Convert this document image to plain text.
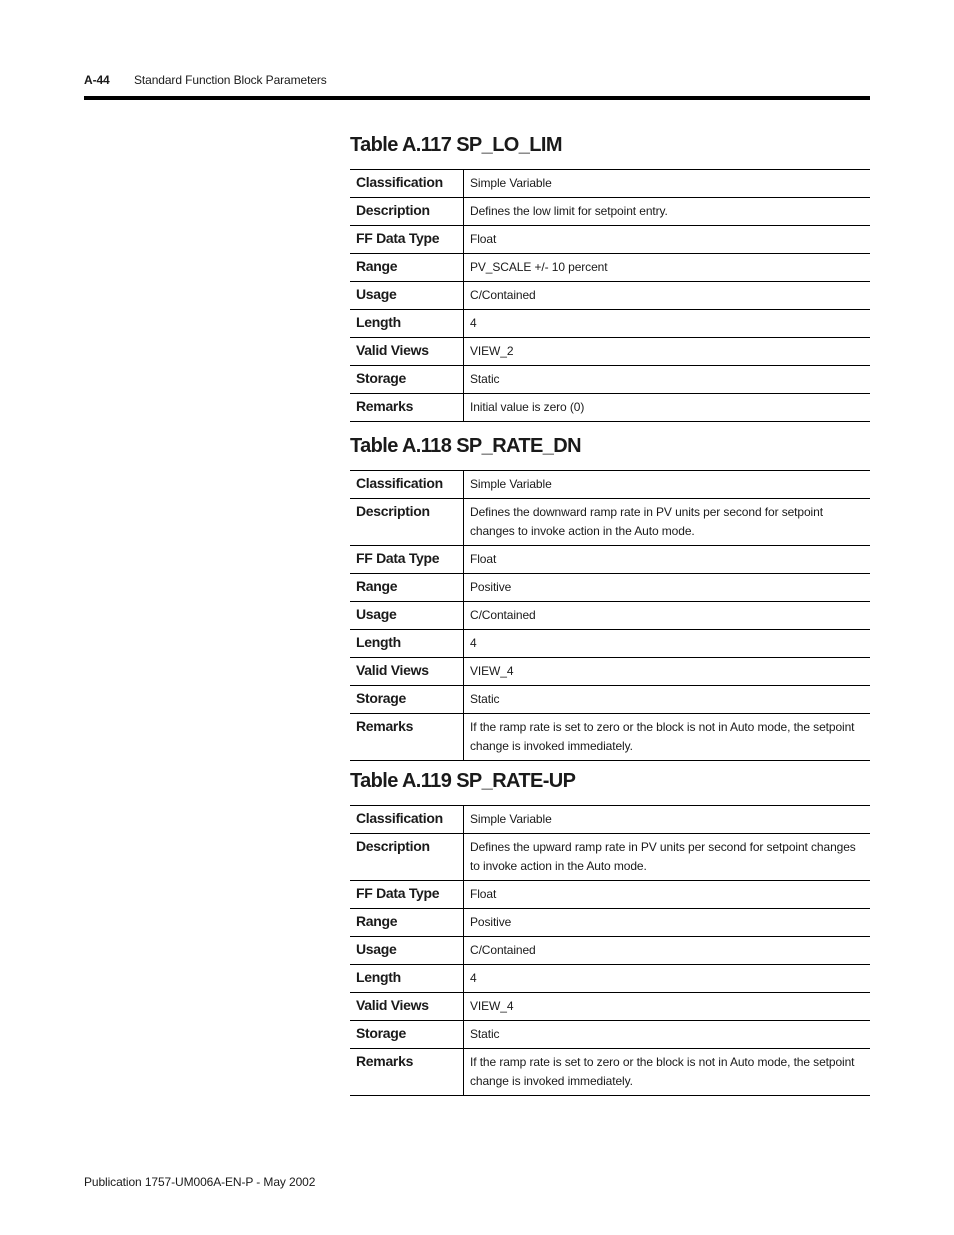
A-44 Standard Function Block Parameters
Table A.117 SP_LO_LIM
Classification	Simple Variable
Description	Defines the low limit for setpoint entry.
FF Data Type	Float
Range	PV_SCALE +/- 10 percent
Usage	C/Contained
Length	4
Valid Views	VIEW_2
Storage	Static
Remarks	Initial value is zero (0)
Table A.118 SP_RATE_DN
Classification	Simple Variable
Description	Defines the downward ramp rate in PV units per second for setpoint changes to invoke action in the Auto mode.
FF Data Type	Float
Range	Positive
Usage	C/Contained
Length	4
Valid Views	VIEW_4
Storage	Static
Remarks	If the ramp rate is set to zero or the block is not in Auto mode, the setpoint change is invoked immediately.
Table A.119 SP_RATE-UP
Classification	Simple Variable
Description	Defines the upward ramp rate in PV units per second for setpoint changes to invoke action in the Auto mode.
FF Data Type	Float
Range	Positive
Usage	C/Contained
Length	4
Valid Views	VIEW_4
Storage	Static
Remarks	If the ramp rate is set to zero or the block is not in Auto mode, the setpoint change is invoked immediately.
Publication 1757-UM006A-EN-P - May 2002
